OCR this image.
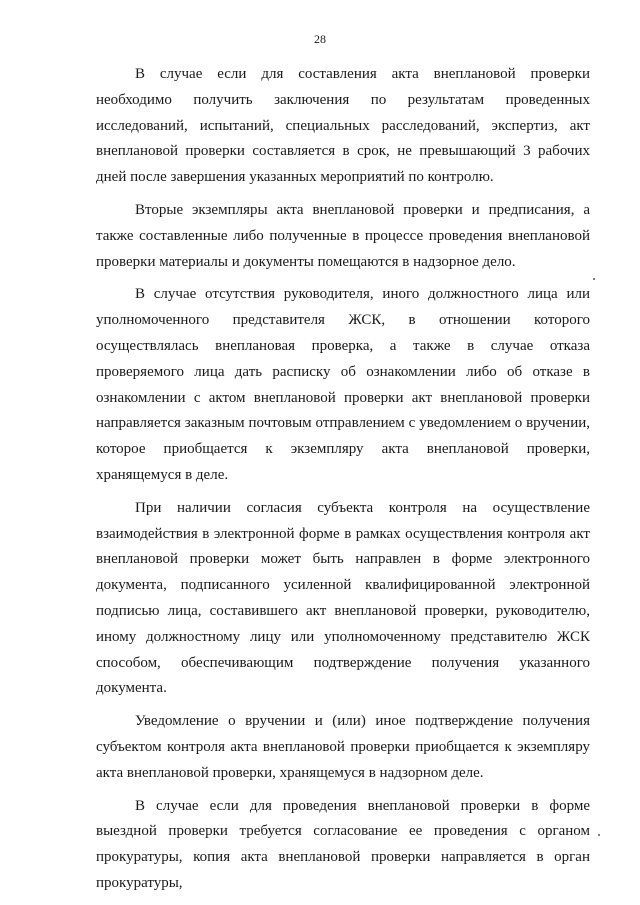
28

В случае если для составления акта внеплановой проверки необходимо получить заключения по результатам проведенных исследований, испытаний, специальных расследований, экспертиз, акт внеплановой проверки составляется в срок, не превышающий 3 рабочих дней после завершения указанных мероприятий по контролю.

Вторые экземпляры акта внеплановой проверки и предписания, а также составленные либо полученные в процессе проведения внеплановой проверки материалы и документы помещаются в надзорное дело.

В случае отсутствия руководителя, иного должностного лица или уполномоченного представителя ЖСК, в отношении которого осуществлялась внеплановая проверка, а также в случае отказа проверяемого лица дать расписку об ознакомлении либо об отказе в ознакомлении с актом внеплановой проверки акт внеплановой проверки направляется заказным почтовым отправлением с уведомлением о вручении, которое приобщается к экземпляру акта внеплановой проверки, хранящемуся в деле.

При наличии согласия субъекта контроля на осуществление взаимодействия в электронной форме в рамках осуществления контроля акт внеплановой проверки может быть направлен в форме электронного документа, подписанного усиленной квалифицированной электронной подписью лица, составившего акт внеплановой проверки, руководителю, иному должностному лицу или уполномоченному представителю ЖСК способом, обеспечивающим подтверждение получения указанного документа.

Уведомление о вручении и (или) иное подтверждение получения субъектом контроля акта внеплановой проверки приобщается к экземпляру акта внеплановой проверки, хранящемуся в надзорном деле.

В случае если для проведения внеплановой проверки в форме выездной проверки требуется согласование ее проведения с органом прокуратуры, копия акта внеплановой проверки направляется в орган прокуратуры,
